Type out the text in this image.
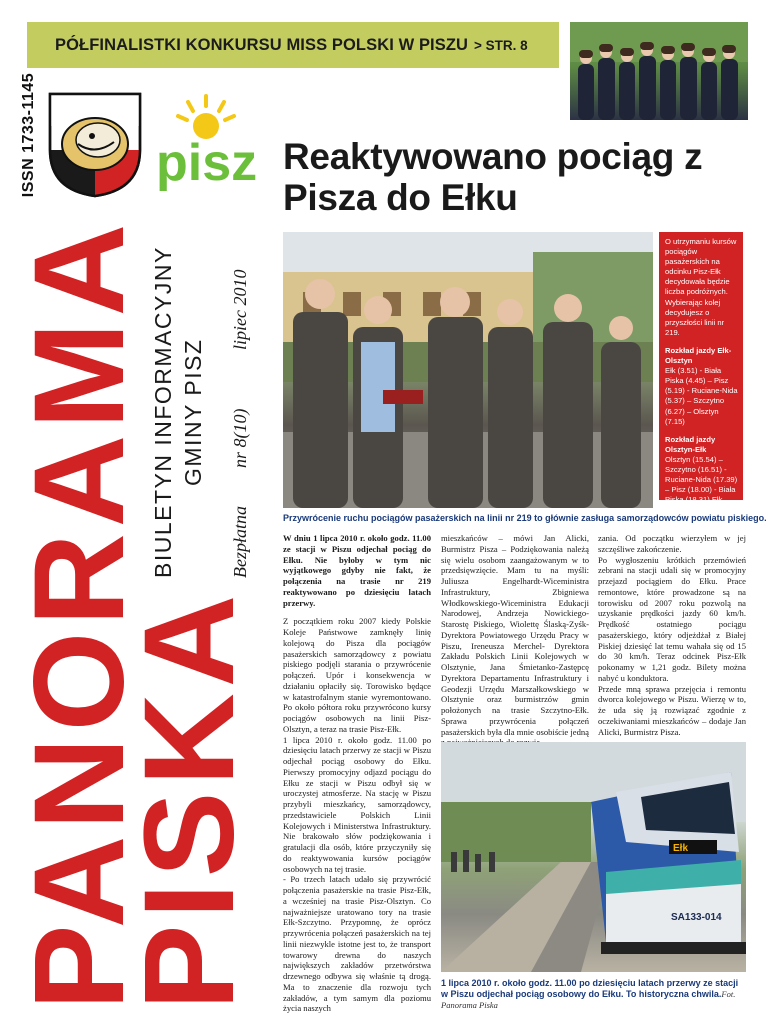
PÓŁFINALISTKI KONKURSU MISS POLSKI W PISZU > STR. 8
ISSN 1733-1145 pisz
PANORAMA
PISKA
BIULETYN INFORMACYJNY GMINY PISZ
Bezpłatna
nr 8(10)
lipiec 2010
Reaktywowano pociąg z Pisza do Ełku
Przywrócenie ruchu pociągów pasażerskich na linii nr 219 to głównie zasługa samorządowców powiatu piskiego.

O utrzymaniu kursów pociągów pasażerskich na odcinku Pisz-Ełk decydowała będzie liczba podróżnych. Wybierając kolej decydujesz o przyszłości linii nr 219.

Rozkład jazdy Ełk-Olsztyn
Ełk (3.51) - Biała Piska (4.45) – Pisz (5.19) - Ruciane-Nida (5.37) – Szczytno (6.27) – Olsztyn (7.15)

Rozkład jazdy Olsztyn-Ełk
Olsztyn (15.54) – Szczytno (16.51) - Ruciane-Nida (17.39) – Pisz (18.00) - Biała Piska (18.31) Ełk (19.28)

W dniu 1 lipca 2010 r. około godz. 11.00 ze stacji w Piszu odjechał pociąg do Ełku. Nie byłoby w tym nic wyjątkowego gdyby nie fakt, że połączenia na trasie nr 219 reaktywowano po dziesięciu latach przerwy.

Z początkiem roku 2007 kiedy Polskie Koleje Państwowe zamknęły linię kolejową do Pisza dla pociągów pasażerskich samorządowcy z powiatu piskiego podjęli starania o przywrócenie połączeń. Upór i konsekwencja w działaniu opłaciły się. Torowisko będące w katastrofalnym stanie wyremontowano. Po około półtora roku przywrócono kursy pociągów osobowych na linii Pisz-Olsztyn, a teraz na trasie Pisz-Ełk.

1 lipca 2010 r. około godz. 11.00 po dziesięciu latach przerwy ze stacji w Piszu odjechał pociąg osobowy do Ełku. Pierwszy promocyjny odjazd pociągu do Ełku ze stacji w Piszu odbył się w uroczystej atmosferze. Na stację w Piszu przybyli mieszkańcy, samorządowcy, przedstawiciele Polskich Linii Kolejowych i Ministerstwa Infrastruktury. Nie brakowało słów podziękowania i gratulacji dla osób, które przyczyniły się do reaktywowania kursów pociągów osobowych na tej trasie.

- Po trzech latach udało się przywrócić połączenia pasażerskie na trasie Pisz-Ełk, a wcześniej na trasie Pisz-Olsztyn. Co najważniejsze uratowano tory na trasie Ełk-Szczytno. Przypomnę, że oprócz przywrócenia połączeń pasażerskich na tej linii niezwykle istotne jest to, że transport towarowy drewna do naszych największych zakładów przetwórstwa drzewnego odbywa się właśnie tą drogą. Ma to znaczenie dla rozwoju tych zakładów, a tym samym dla poziomu życia naszych

mieszkańców – mówi Jan Alicki, Burmistrz Pisza – Podziękowania należą się wielu osobom zaangażowanym w to przedsięwzięcie. Mam tu na myśli: Juliusza Engelhardt-Wiceministra Infrastruktury, Zbigniewa Włodkowskiego-Wiceministra Edukacji Narodowej, Andrzeja Nowickiego-Starostę Piskiego, Wiolettę Ślaską-Zyśk-Dyrektora Powiatowego Urzędu Pracy w Piszu, Ireneusza Merchel- Dyrektora Zakładu Polskich Linii Kolejowych w Olsztynie, Jana Śmietanko-Zastępcę Dyrektora Departamentu Infrastruktury i Geodezji Urzędu Marszałkowskiego w Olsztynie oraz burmistrzów gmin położonych na trasie Szczytno-Ełk. Sprawa przywrócenia połączeń pasażerskich była dla mnie osobiście jedną

zania. Od początku wierzyłem w jej szczęśliwe zakończenie.

Po wygłoszeniu krótkich przemówień zebrani na stacji udali się w promocyjny przejazd pociągiem do Ełku. Prace remontowe, które prowadzone są na torowisku od 2007 roku pozwolą na uzyskanie prędkości jazdy 60 km/h. Prędkość ostatniego pociągu pasażerskiego, który odjeżdżał z Białej Piskiej dziesięć lat temu wahała się od 15 do 30 km/h. Teraz odcinek Pisz-Ełk pokonamy w 1,21 godz. Bilety można nabyć u konduktora.

Przede mną sprawa przejęcia i remontu dworca kolejowego w Piszu. Wierzę w to, że uda się ją rozwiązać zgodnie z oczekiwaniami mieszkańców – dodaje Jan Alicki, Burmistrz Pisza.

Ełk
SA133-014
1 lipca 2010 r. około godz. 11.00 po dziesięciu latach przerwy ze stacji w Piszu odjechał pociąg osobowy do Ełku. To historyczna chwila.Fot. Panorama Piska
